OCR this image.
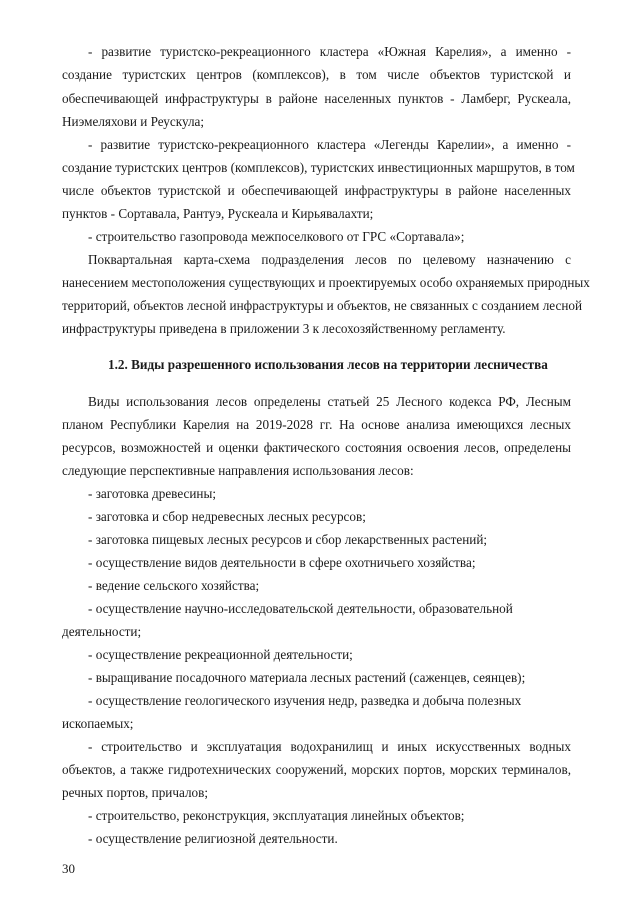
- развитие туристско-рекреационного кластера «Южная Карелия», а именно -
создание туристских центров (комплексов), в том числе объектов туристской и
обеспечивающей инфраструктуры в районе населенных пунктов - Ламберг, Рускеала,
Ниэмеляхови и Реускула;
- развитие туристско-рекреационного кластера «Легенды Карелии», а именно -
создание туристских центров (комплексов), туристских инвестиционных маршрутов, в том
числе объектов туристской и обеспечивающей инфраструктуры в районе населенных
пунктов - Сортавала, Рантуэ, Рускеала и Кирьявалахти;
- строительство газопровода межпоселкового от ГРС «Сортавала»;
Поквартальная карта-схема подразделения лесов по целевому назначению с
нанесением местоположения существующих и проектируемых особо охраняемых природных
территорий, объектов лесной инфраструктуры и объектов, не связанных с созданием лесной
инфраструктуры приведена в приложении 3 к лесохозяйственному регламенту.
1.2. Виды разрешенного использования лесов на территории лесничества
Виды использования лесов определены статьей 25 Лесного кодекса РФ, Лесным
планом Республики Карелия на 2019-2028 гг. На основе анализа имеющихся лесных
ресурсов, возможностей и оценки фактического состояния освоения лесов, определены
следующие перспективные направления использования лесов:
- заготовка древесины;
- заготовка и сбор недревесных лесных ресурсов;
- заготовка пищевых лесных ресурсов и сбор лекарственных растений;
- осуществление видов деятельности в сфере охотничьего хозяйства;
- ведение сельского хозяйства;
- осуществление научно-исследовательской деятельности, образовательной
деятельности;
- осуществление рекреационной деятельности;
- выращивание посадочного материала лесных растений (саженцев, сеянцев);
- осуществление геологического изучения недр, разведка и добыча полезных
ископаемых;
- строительство и эксплуатация водохранилищ и иных искусственных водных
объектов, а также гидротехнических сооружений, морских портов, морских терминалов,
речных портов, причалов;
- строительство, реконструкция, эксплуатация линейных объектов;
- осуществление религиозной деятельности.
30
